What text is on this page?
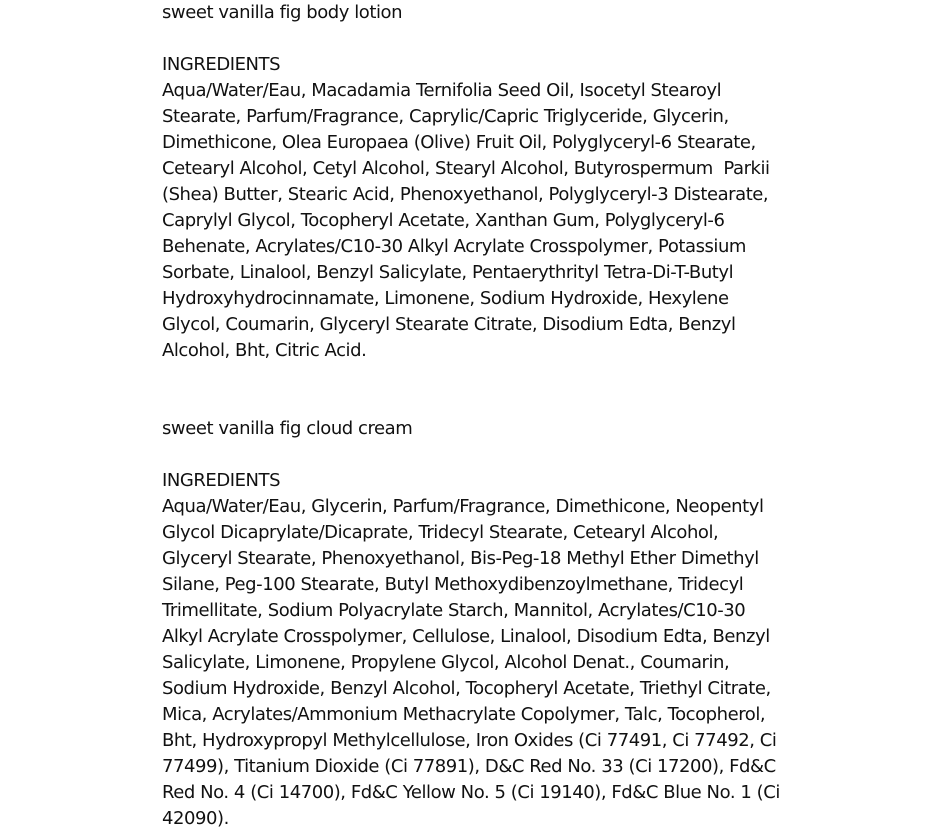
sweet vanilla fig body lotion
INGREDIENTS
Aqua/Water/Eau, Macadamia Ternifolia Seed Oil, Isocetyl Stearoyl
Stearate, Parfum/Fragrance, Caprylic/Capric Triglyceride, Glycerin,
Dimethicone, Olea Europaea (Olive) Fruit Oil, Polyglyceryl-6 Stearate,
Cetearyl Alcohol, Cetyl Alcohol, Stearyl Alcohol, Butyrospermum  Parkii
(Shea) Butter, Stearic Acid, Phenoxyethanol, Polyglyceryl-3 Distearate,
Caprylyl Glycol, Tocopheryl Acetate, Xanthan Gum, Polyglyceryl-6
Behenate, Acrylates/C10-30 Alkyl Acrylate Crosspolymer, Potassium
Sorbate, Linalool, Benzyl Salicylate, Pentaerythrityl Tetra-Di-T-Butyl
Hydroxyhydrocinnamate, Limonene, Sodium Hydroxide, Hexylene
Glycol, Coumarin, Glyceryl Stearate Citrate, Disodium Edta, Benzyl
Alcohol, Bht, Citric Acid.
sweet vanilla fig cloud cream
INGREDIENTS
Aqua/Water/Eau, Glycerin, Parfum/Fragrance, Dimethicone, Neopentyl
Glycol Dicaprylate/Dicaprate, Tridecyl Stearate, Cetearyl Alcohol,
Glyceryl Stearate, Phenoxyethanol, Bis-Peg-18 Methyl Ether Dimethyl
Silane, Peg-100 Stearate, Butyl Methoxydibenzoylmethane, Tridecyl
Trimellitate, Sodium Polyacrylate Starch, Mannitol, Acrylates/C10-30
Alkyl Acrylate Crosspolymer, Cellulose, Linalool, Disodium Edta, Benzyl
Salicylate, Limonene, Propylene Glycol, Alcohol Denat., Coumarin,
Sodium Hydroxide, Benzyl Alcohol, Tocopheryl Acetate, Triethyl Citrate,
Mica, Acrylates/Ammonium Methacrylate Copolymer, Talc, Tocopherol,
Bht, Hydroxypropyl Methylcellulose, Iron Oxides (Ci 77491, Ci 77492, Ci
77499), Titanium Dioxide (Ci 77891), D&C Red No. 33 (Ci 17200), Fd&C
Red No. 4 (Ci 14700), Fd&C Yellow No. 5 (Ci 19140), Fd&C Blue No. 1 (Ci
42090).
